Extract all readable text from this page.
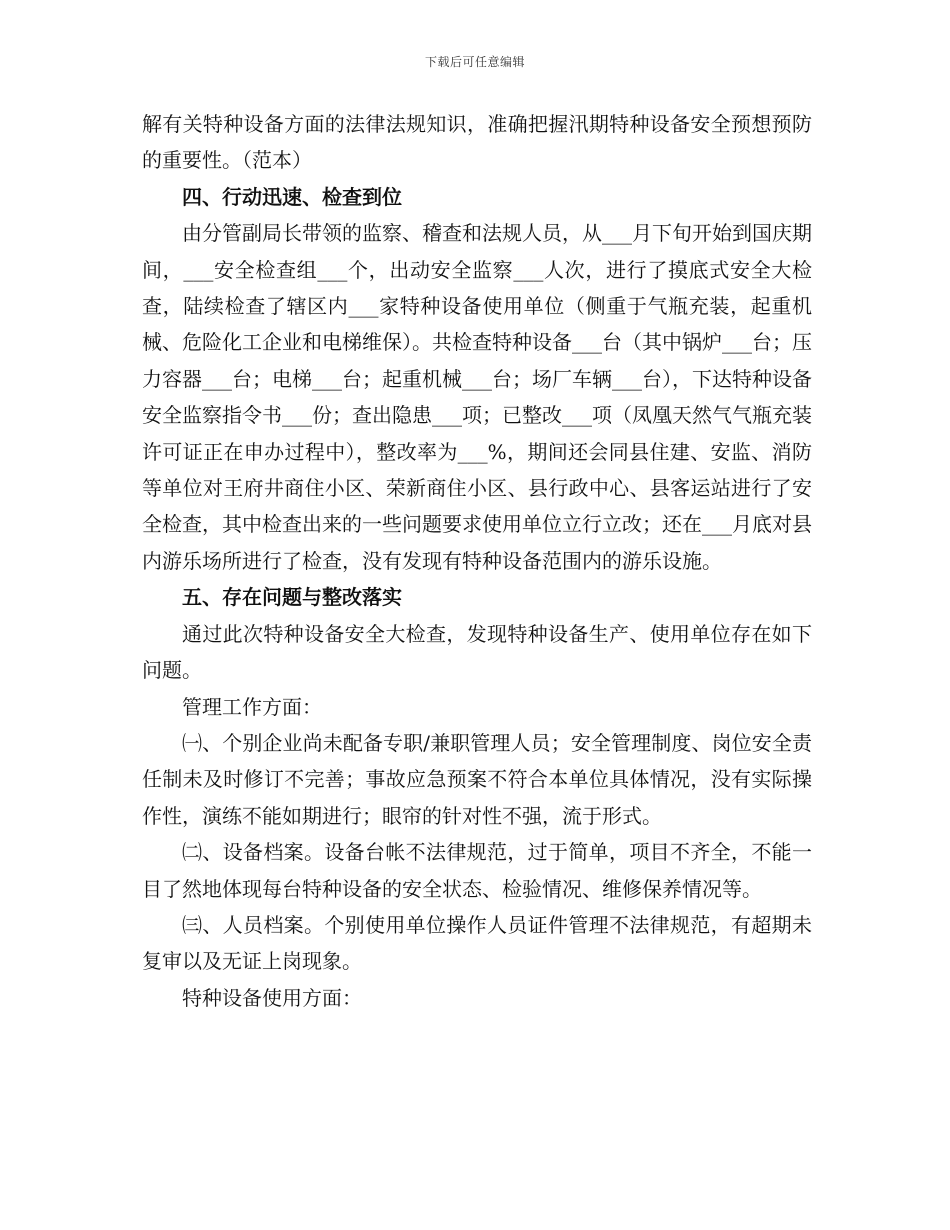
下载后可任意编辑

解有关特种设备方面的法律法规知识，准确把握汛期特种设备安全预想预防的重要性。（范本）

四、行动迅速、检查到位

由分管副局长带领的监察、稽查和法规人员，从___月下旬开始到国庆期间，___安全检查组___个，出动安全监察___人次，进行了摸底式安全大检查，陆续检查了辖区内___家特种设备使用单位（侧重于气瓶充装，起重机械、危险化工企业和电梯维保）。共检查特种设备___台（其中锅炉___台；压力容器___台；电梯___台；起重机械___台；场厂车辆___台），下达特种设备安全监察指令书___份；查出隐患___项；已整改___项（凤凰天然气气瓶充装许可证正在申办过程中），整改率为___%，期间还会同县住建、安监、消防等单位对王府井商住小区、荣新商住小区、县行政中心、县客运站进行了安全检查，其中检查出来的一些问题要求使用单位立行立改；还在___月底对县内游乐场所进行了检查，没有发现有特种设备范围内的游乐设施。

五、存在问题与整改落实

通过此次特种设备安全大检查，发现特种设备生产、使用单位存在如下问题。

管理工作方面：

㈠、个别企业尚未配备专职/兼职管理人员；安全管理制度、岗位安全责任制未及时修订不完善；事故应急预案不符合本单位具体情况，没有实际操作性，演练不能如期进行；眼帘的针对性不强，流于形式。

㈡、设备档案。设备台帐不法律规范，过于简单，项目不齐全，不能一目了然地体现每台特种设备的安全状态、检验情况、维修保养情况等。

㈢、人员档案。个别使用单位操作人员证件管理不法律规范，有超期未复审以及无证上岗现象。

特种设备使用方面：
